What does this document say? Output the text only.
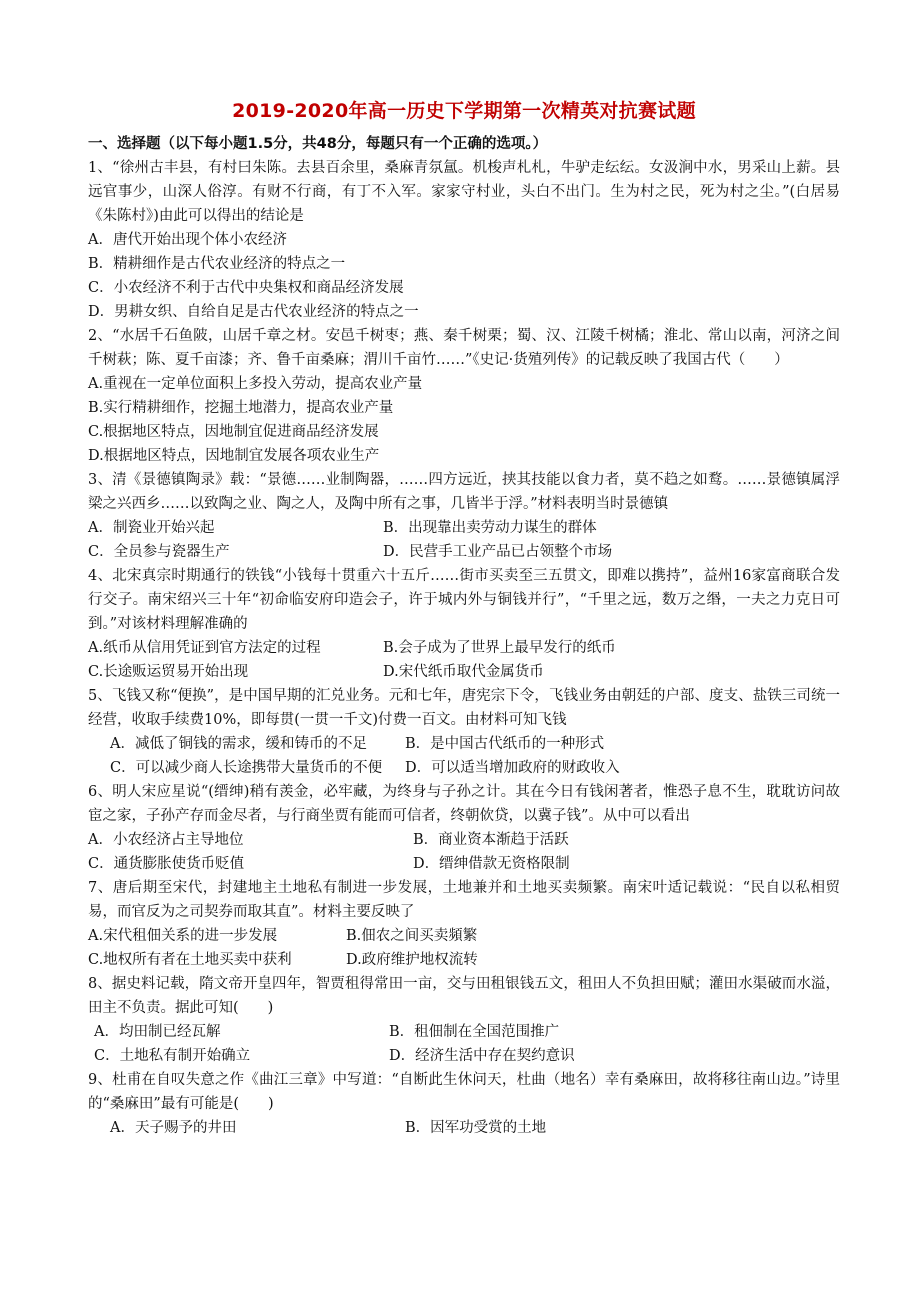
2019-2020年高一历史下学期第一次精英对抗赛试题
一、选择题（以下每小题1.5分，共48分，每题只有一个正确的选项。）

1、“徐州古丰县，有村曰朱陈。去县百余里，桑麻青氛氲。机梭声札札，牛驴走纭纭。女汲涧中水，男采山上薪。县远官事少，山深人俗淳。有财不行商，有丁不入军。家家守村业，头白不出门。生为村之民，死为村之尘。”(白居易《朱陈村》)由此可以得出的结论是

A．唐代开始出现个体小农经济
B．精耕细作是古代农业经济的特点之一
C．小农经济不利于古代中央集权和商品经济发展
D．男耕女织、自给自足是古代农业经济的特点之一

2、“水居千石鱼陂，山居千章之材。安邑千树枣；燕、秦千树栗；蜀、汉、江陵千树橘；淮北、常山以南，河济之间千树萩；陈、夏千亩漆；齐、鲁千亩桑麻；渭川千亩竹……”《史记·货殖列传》的记载反映了我国古代（　　）

A.重视在一定单位面积上多投入劳动，提高农业产量
B.实行精耕细作，挖掘土地潜力，提高农业产量
C.根据地区特点，因地制宜促进商品经济发展
D.根据地区特点，因地制宜发展各项农业生产

3、清《景德镇陶录》载：“景德……业制陶器，……四方远近，挟其技能以食力者，莫不趋之如鹜。……景德镇属浮梁之兴西乡……以致陶之业、陶之人，及陶中所有之事，几皆半于浮。”材料表明当时景德镇

A．制瓷业开始兴起	B．出现靠出卖劳动力谋生的群体
C．全员参与瓷器生产	D．民营手工业产品已占领整个市场

4、北宋真宗时期通行的铁钱“小钱每十贯重六十五斤……街市买卖至三五贯文，即难以携持”，益州16家富商联合发行交子。南宋绍兴三十年“初命临安府印造会子，许于城内外与铜钱并行”，“千里之远，数万之缗，一夫之力克日可到。”对该材料理解准确的

A.纸币从信用凭证到官方法定的过程	B.会子成为了世界上最早发行的纸币
C.长途贩运贸易开始出现	D.宋代纸币取代金属货币

5、飞钱又称“便换”，是中国早期的汇兑业务。元和七年，唐宪宗下令，飞钱业务由朝廷的户部、度支、盐铁三司统一经营，收取手续费10%，即每贯(一贯一千文)付费一百文。由材料可知飞钱

A．减低了铜钱的需求，缓和铸币的不足	B．是中国古代纸币的一种形式
C．可以减少商人长途携带大量货币的不便	D．可以适当增加政府的财政收入

6、明人宋应星说“(缙绅)稍有羡金，必牢藏，为终身与子孙之计。其在今日有钱闲著者，惟恐子息不生，耽耽访问故宦之家，子孙产存而金尽者，与行商坐贾有能而可信者，终朝佽贷，以冀子钱”。从中可以看出

A．小农经济占主导地位	B．商业资本渐趋于活跃
C．通货膨胀使货币贬值	D．缙绅借款无资格限制

7、唐后期至宋代，封建地主土地私有制进一步发展，土地兼并和土地买卖频繁。南宋叶适记载说：“民自以私相贸易，而官反为之司契券而取其直”。材料主要反映了

A.宋代租佃关系的进一步发展	B.佃农之间买卖頻繁
C.地权所有者在土地买卖中获利	D.政府维护地权流转

8、据史料记载，隋文帝开皇四年，智贾租得常田一亩，交与田租银钱五文，租田人不负担田赋；灌田水渠破而水溢，田主不负责。据此可知(　　)

A．均田制已经瓦解	B．租佃制在全国范围推广
C．土地私有制开始确立	D．经济生活中存在契约意识

9、杜甫在自叹失意之作《曲江三章》中写道：“自断此生休问天，杜曲（地名）幸有桑麻田，故将移往南山边。”诗里的“桑麻田”最有可能是(　　)

A．天子赐予的井田	B．因军功受赏的土地
